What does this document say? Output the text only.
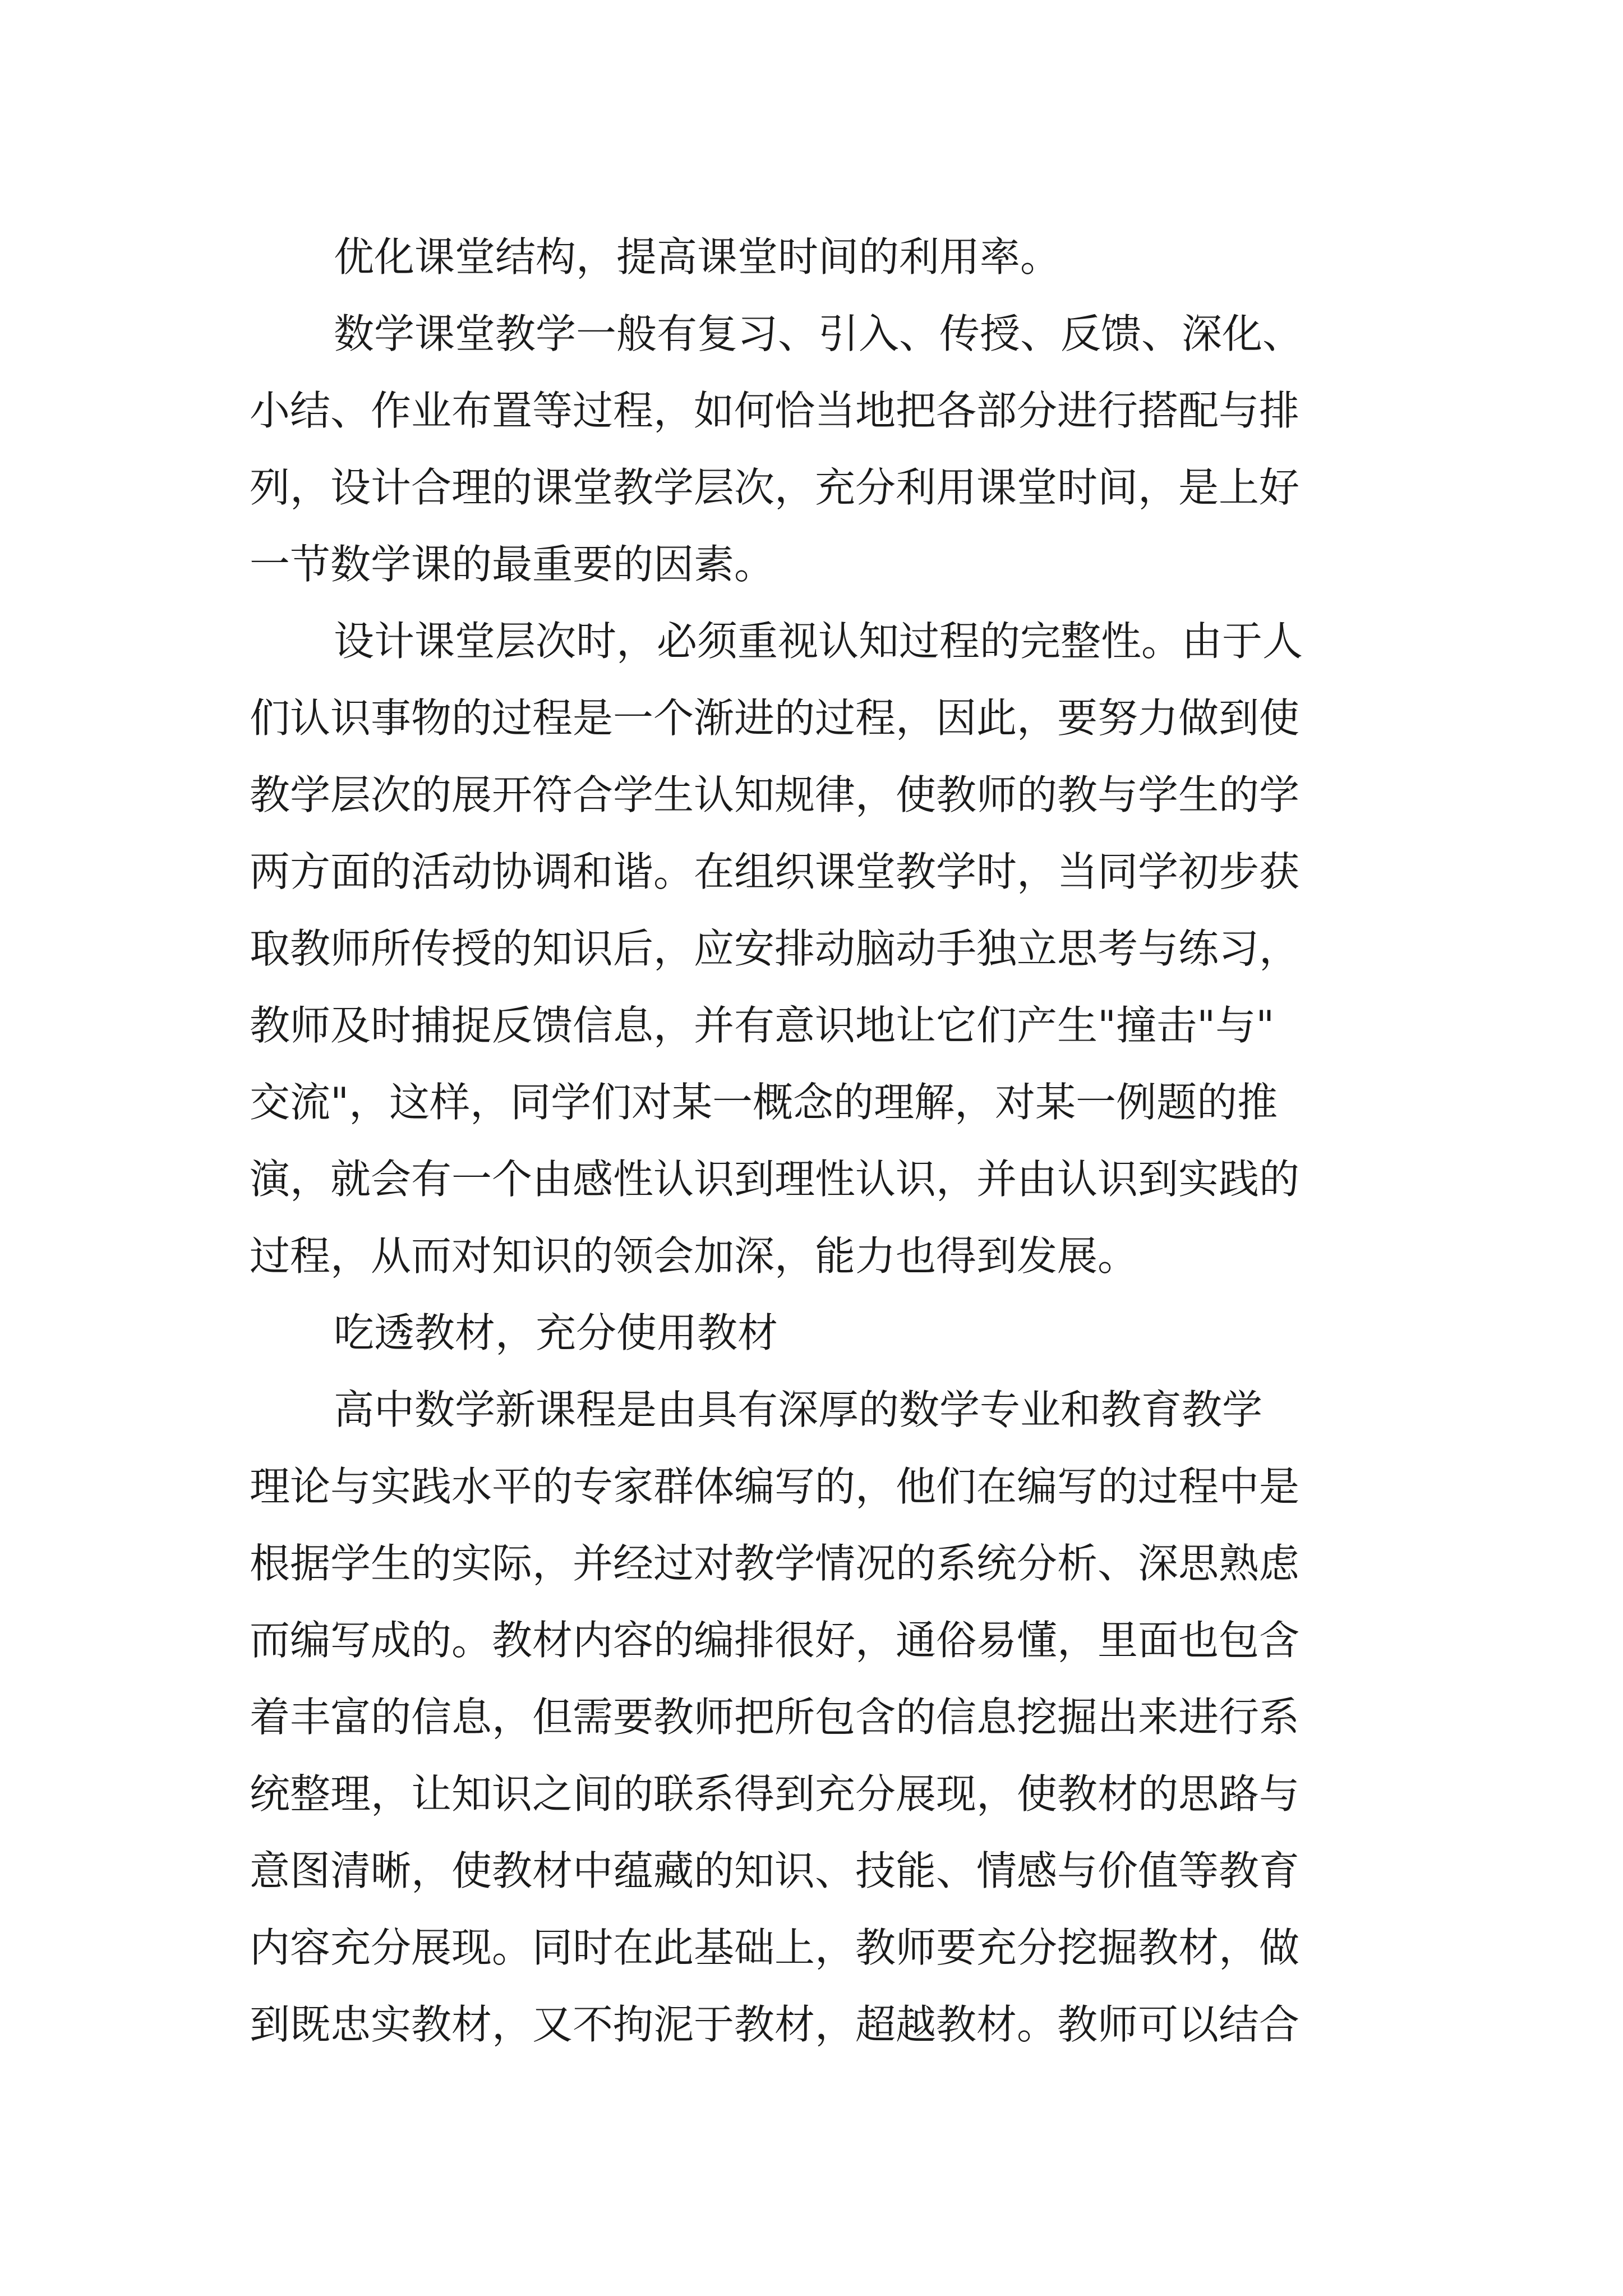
优化课堂结构，提高课堂时间的利用率。
数学课堂教学一般有复习、引入、传授、反馈、深化、
小结、作业布置等过程，如何恰当地把各部分进行搭配与排
列，设计合理的课堂教学层次，充分利用课堂时间，是上好
一节数学课的最重要的因素。
设计课堂层次时，必须重视认知过程的完整性。由于人
们认识事物的过程是一个渐进的过程，因此，要努力做到使
教学层次的展开符合学生认知规律，使教师的教与学生的学
两方面的活动协调和谐。在组织课堂教学时，当同学初步获
取教师所传授的知识后，应安排动脑动手独立思考与练习，
教师及时捕捉反馈信息，并有意识地让它们产生"撞击"与"
交流"，这样，同学们对某一概念的理解，对某一例题的推
演，就会有一个由感性认识到理性认识，并由认识到实践的
过程，从而对知识的领会加深，能力也得到发展。
吃透教材，充分使用教材
高中数学新课程是由具有深厚的数学专业和教育教学
理论与实践水平的专家群体编写的，他们在编写的过程中是
根据学生的实际，并经过对教学情况的系统分析、深思熟虑
而编写成的。教材内容的编排很好，通俗易懂，里面也包含
着丰富的信息，但需要教师把所包含的信息挖掘出来进行系
统整理，让知识之间的联系得到充分展现，使教材的思路与
意图清晰，使教材中蕴藏的知识、技能、情感与价值等教育
内容充分展现。同时在此基础上，教师要充分挖掘教材，做
到既忠实教材，又不拘泥于教材，超越教材。教师可以结合
